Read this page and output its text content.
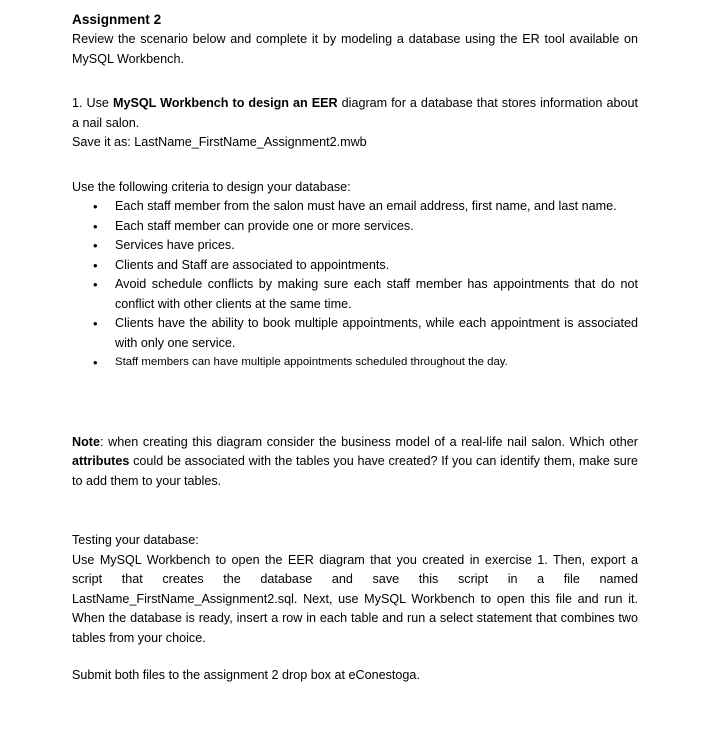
Assignment 2

Review the scenario below and complete it by modeling a database using the ER tool available on MySQL Workbench.

1. Use MySQL Workbench to design an EER diagram for a database that stores information about a nail salon.

Save it as: LastName_FirstName_Assignment2.mwb

Use the following criteria to design your database:

• Each staff member from the salon must have an email address, first name, and last name.
• Each staff member can provide one or more services.
• Services have prices.
• Clients and Staff are associated to appointments.
• Avoid schedule conflicts by making sure each staff member has appointments that do not conflict with other clients at the same time.
• Clients have the ability to book multiple appointments, while each appointment is associated with only one service.
• Staff members can have multiple appointments scheduled throughout the day.

Note: when creating this diagram consider the business model of a real-life nail salon. Which other attributes could be associated with the tables you have created? If you can identify them, make sure to add them to your tables.

Testing your database:

Use MySQL Workbench to open the EER diagram that you created in exercise 1. Then, export a script that creates the database and save this script in a file named LastName_FirstName_Assignment2.sql. Next, use MySQL Workbench to open this file and run it. When the database is ready, insert a row in each table and run a select statement that combines two tables from your choice.

Submit both files to the assignment 2 drop box at eConestoga.
